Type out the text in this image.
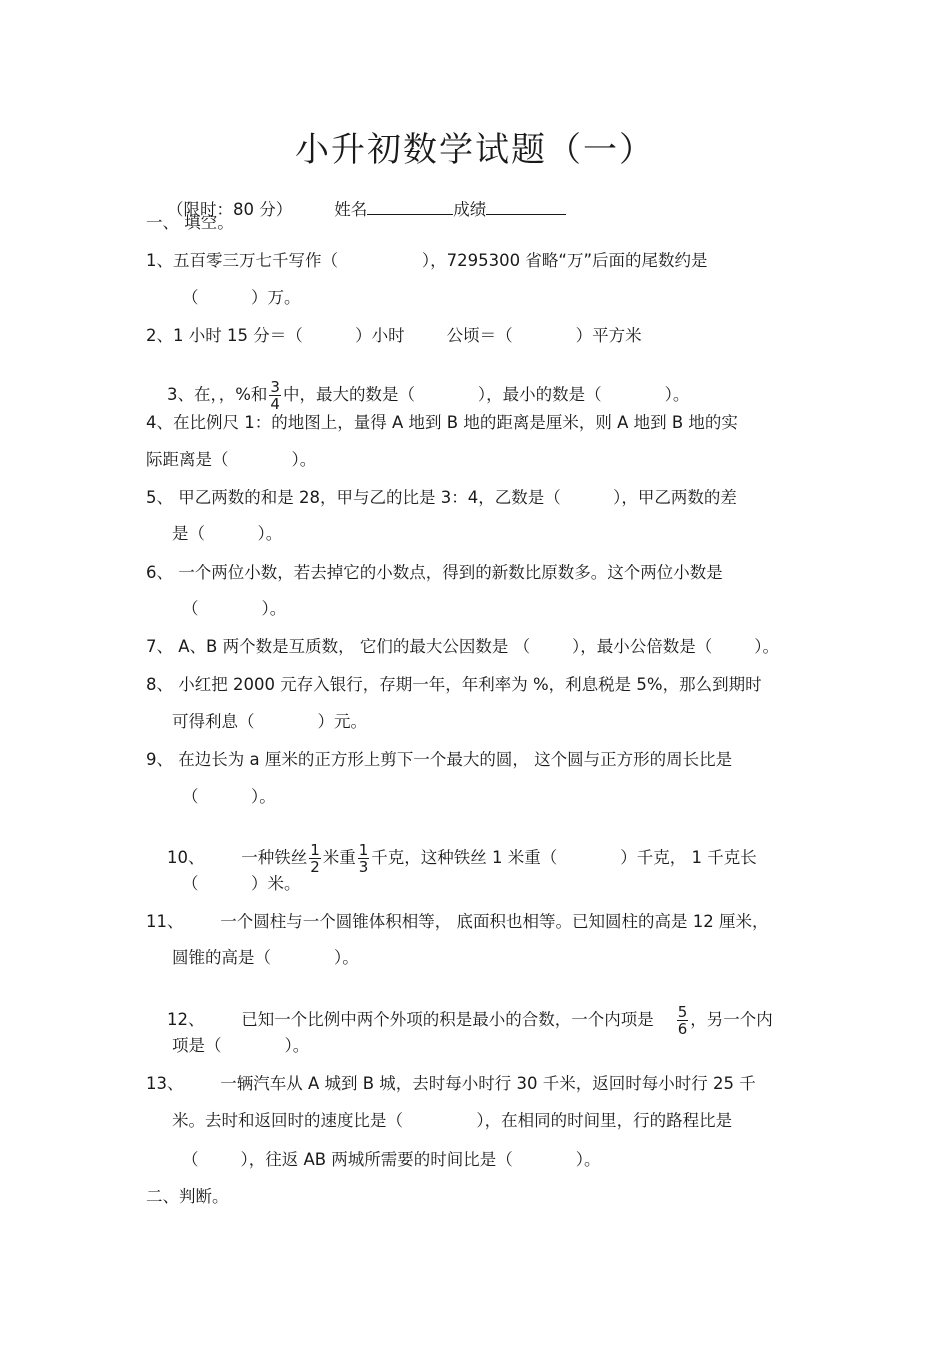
小升初数学试题（一）

（限时：80 分）	姓名	成绩

一、 填空。
1、五百零三万七千写作（                ），7295300 省略“万”后面的尾数约是
（          ）万。
2、1 小时 15 分＝（          ）小时        公顷＝（            ）平方米

3、在，，%和 $\frac{3}{4}$ 中，最大的数是（            ），最小的数是（            ）。

4、在比例尺 1：的地图上，量得 A 地到 B 地的距离是厘米，则 A 地到 B 地的实
际距离是（            ）。
5、 甲乙两数的和是 28，甲与乙的比是 3：4，乙数是（          ），甲乙两数的差
是（          ）。
6、 一个两位小数，若去掉它的小数点，得到的新数比原数多。这个两位小数是
（            ）。
7、 A、B 两个数是互质数， 它们的最大公因数是 （        ），最小公倍数是（        ）。
8、 小红把 2000 元存入银行，存期一年，年利率为 %，利息税是 5%，那么到期时
可得利息（            ）元。
9、 在边长为 a 厘米的正方形上剪下一个最大的圆， 这个圆与正方形的周长比是
（          ）。

10、       一种铁丝 $\frac{1}{2}$ 米重 $\frac{1}{3}$ 千克，这种铁丝 1 米重（            ）千克， 1 千克长

（          ）米。
11、       一个圆柱与一个圆锥体积相等， 底面积也相等。已知圆柱的高是 12 厘米，
圆锥的高是（            ）。

12、       已知一个比例中两个外项的积是最小的合数，一个内项是 $\frac{5}{6}$ ，另一个内

项是（            ）。
13、       一辆汽车从 A 城到 B 城，去时每小时行 30 千米，返回时每小时行 25 千
米。去时和返回时的速度比是（              ），在相同的时间里，行的路程比是
（        ），往返 AB 两城所需要的时间比是（            ）。
二、判断。
